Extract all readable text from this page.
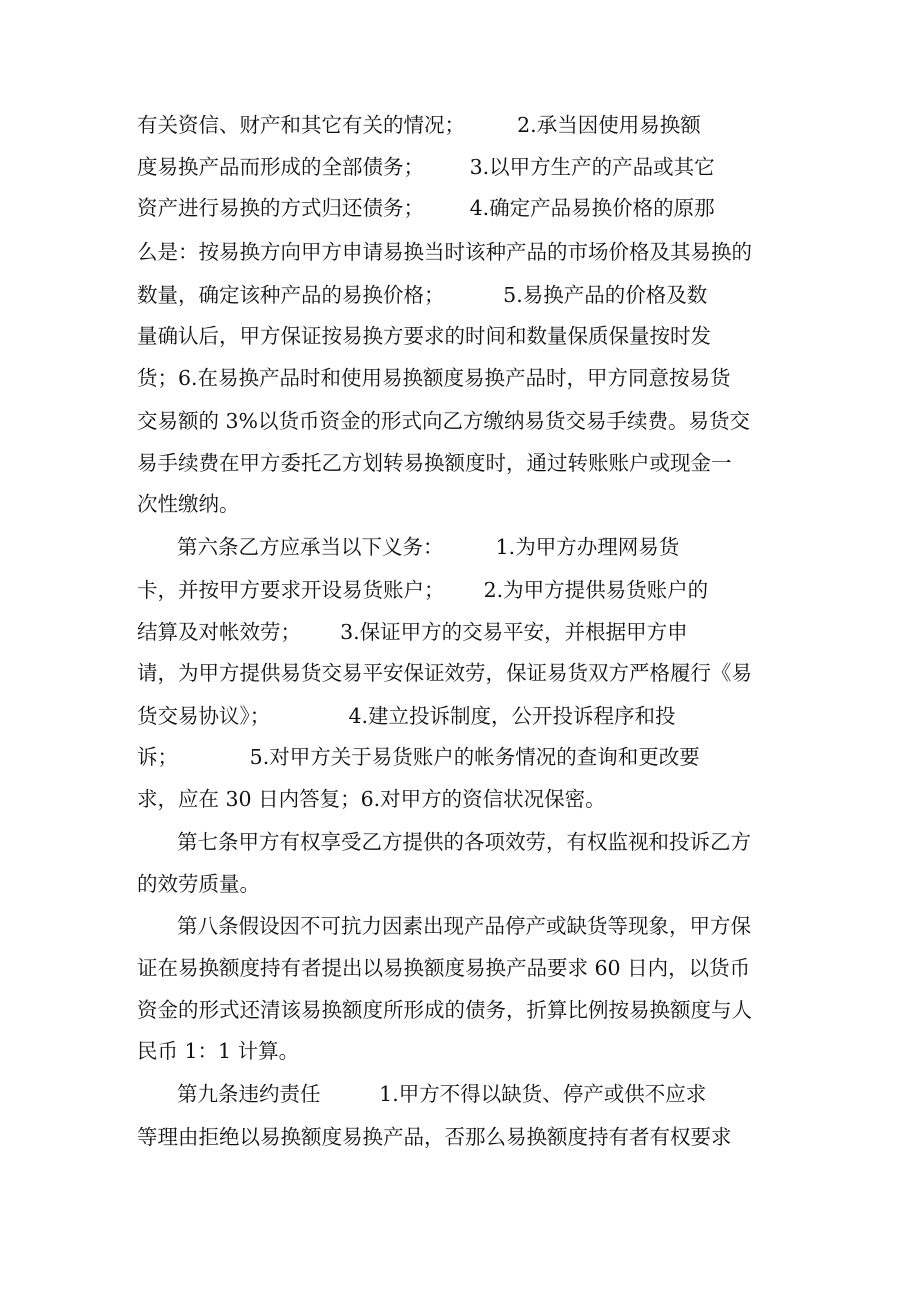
有关资信、财产和其它有关的情况；        2.承当因使用易换额
度易换产品而形成的全部债务；       3.以甲方生产的产品或其它
资产进行易换的方式归还债务；       4.确定产品易换价格的原那
么是：按易换方向甲方申请易换当时该种产品的市场价格及其易换的
数量，确定该种产品的易换价格；         5.易换产品的价格及数
量确认后，甲方保证按易换方要求的时间和数量保质保量按时发
货；6.在易换产品时和使用易换额度易换产品时，甲方同意按易货
交易额的 3%以货币资金的形式向乙方缴纳易货交易手续费。易货交
易手续费在甲方委托乙方划转易换额度时，通过转账账户或现金一
次性缴纳。
第六条乙方应承当以下义务：        1.为甲方办理网易货
卡，并按甲方要求开设易货账户；      2.为甲方提供易货账户的
结算及对帐效劳；      3.保证甲方的交易平安，并根据甲方申
请，为甲方提供易货交易平安保证效劳，保证易货双方严格履行《易
货交易协议》；            4.建立投诉制度，公开投诉程序和投
诉；           5.对甲方关于易货账户的帐务情况的查询和更改要
求，应在 30 日内答复；6.对甲方的资信状况保密。
第七条甲方有权享受乙方提供的各项效劳，有权监视和投诉乙方
的效劳质量。
第八条假设因不可抗力因素出现产品停产或缺货等现象，甲方保
证在易换额度持有者提出以易换额度易换产品要求 60 日内，以货币
资金的形式还清该易换额度所形成的债务，折算比例按易换额度与人
民币 1：1 计算。
第九条违约责任         1.甲方不得以缺货、停产或供不应求
等理由拒绝以易换额度易换产品，否那么易换额度持有者有权要求
